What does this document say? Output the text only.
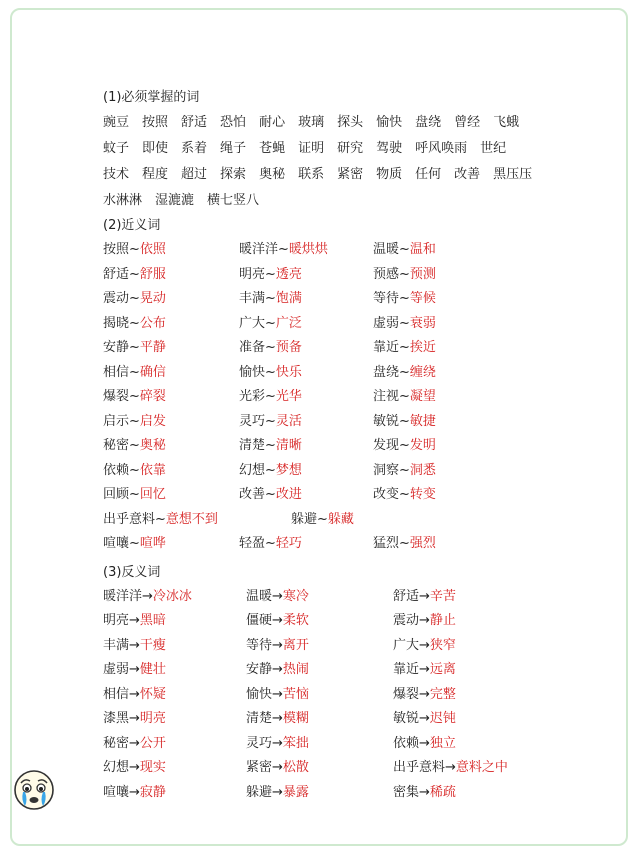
(1)必须掌握的词
豌豆 按照 舒适 恐怕 耐心 玻璃 探头 愉快 盘绕 曾经 飞蛾
蚊子 即使 系着 绳子 苍蝇 证明 研究 驾驶 呼风唤雨 世纪
技术 程度 超过 探索 奥秘 联系 紧密 物质 任何 改善 黑压压
水淋淋 湿漉漉 横七竖八
(2)近义词
按照~依照	暖洋洋~暖烘烘	温暖~温和
舒适~舒服	明亮~透亮	预感~预测
震动~晃动	丰满~饱满	等待~等候
揭晓~公布	广大~广泛	虚弱~衰弱
安静~平静	准备~预备	靠近~挨近
相信~确信	愉快~快乐	盘绕~缠绕
爆裂~碎裂	光彩~光华	注视~凝望
启示~启发	灵巧~灵活	敏锐~敏捷
秘密~奥秘	清楚~清晰	发现~发明
依赖~依靠	幻想~梦想	洞察~洞悉
回顾~回忆	改善~改进	改变~转变
出乎意料~意想不到	躲避~躲藏
喧嚷~喧哗	轻盈~轻巧	猛烈~强烈
(3)反义词
暖洋洋→冷冰冰	温暖→寒冷	舒适→辛苦
明亮→黑暗	僵硬→柔软	震动→静止
丰满→干瘦	等待→离开	广大→狭窄
虚弱→健壮	安静→热闹	靠近→远离
相信→怀疑	愉快→苦恼	爆裂→完整
漆黑→明亮	清楚→模糊	敏锐→迟钝
秘密→公开	灵巧→笨拙	依赖→独立
幻想→现实	紧密→松散	出乎意料→意料之中
喧嚷→寂静	躲避→暴露	密集→稀疏
